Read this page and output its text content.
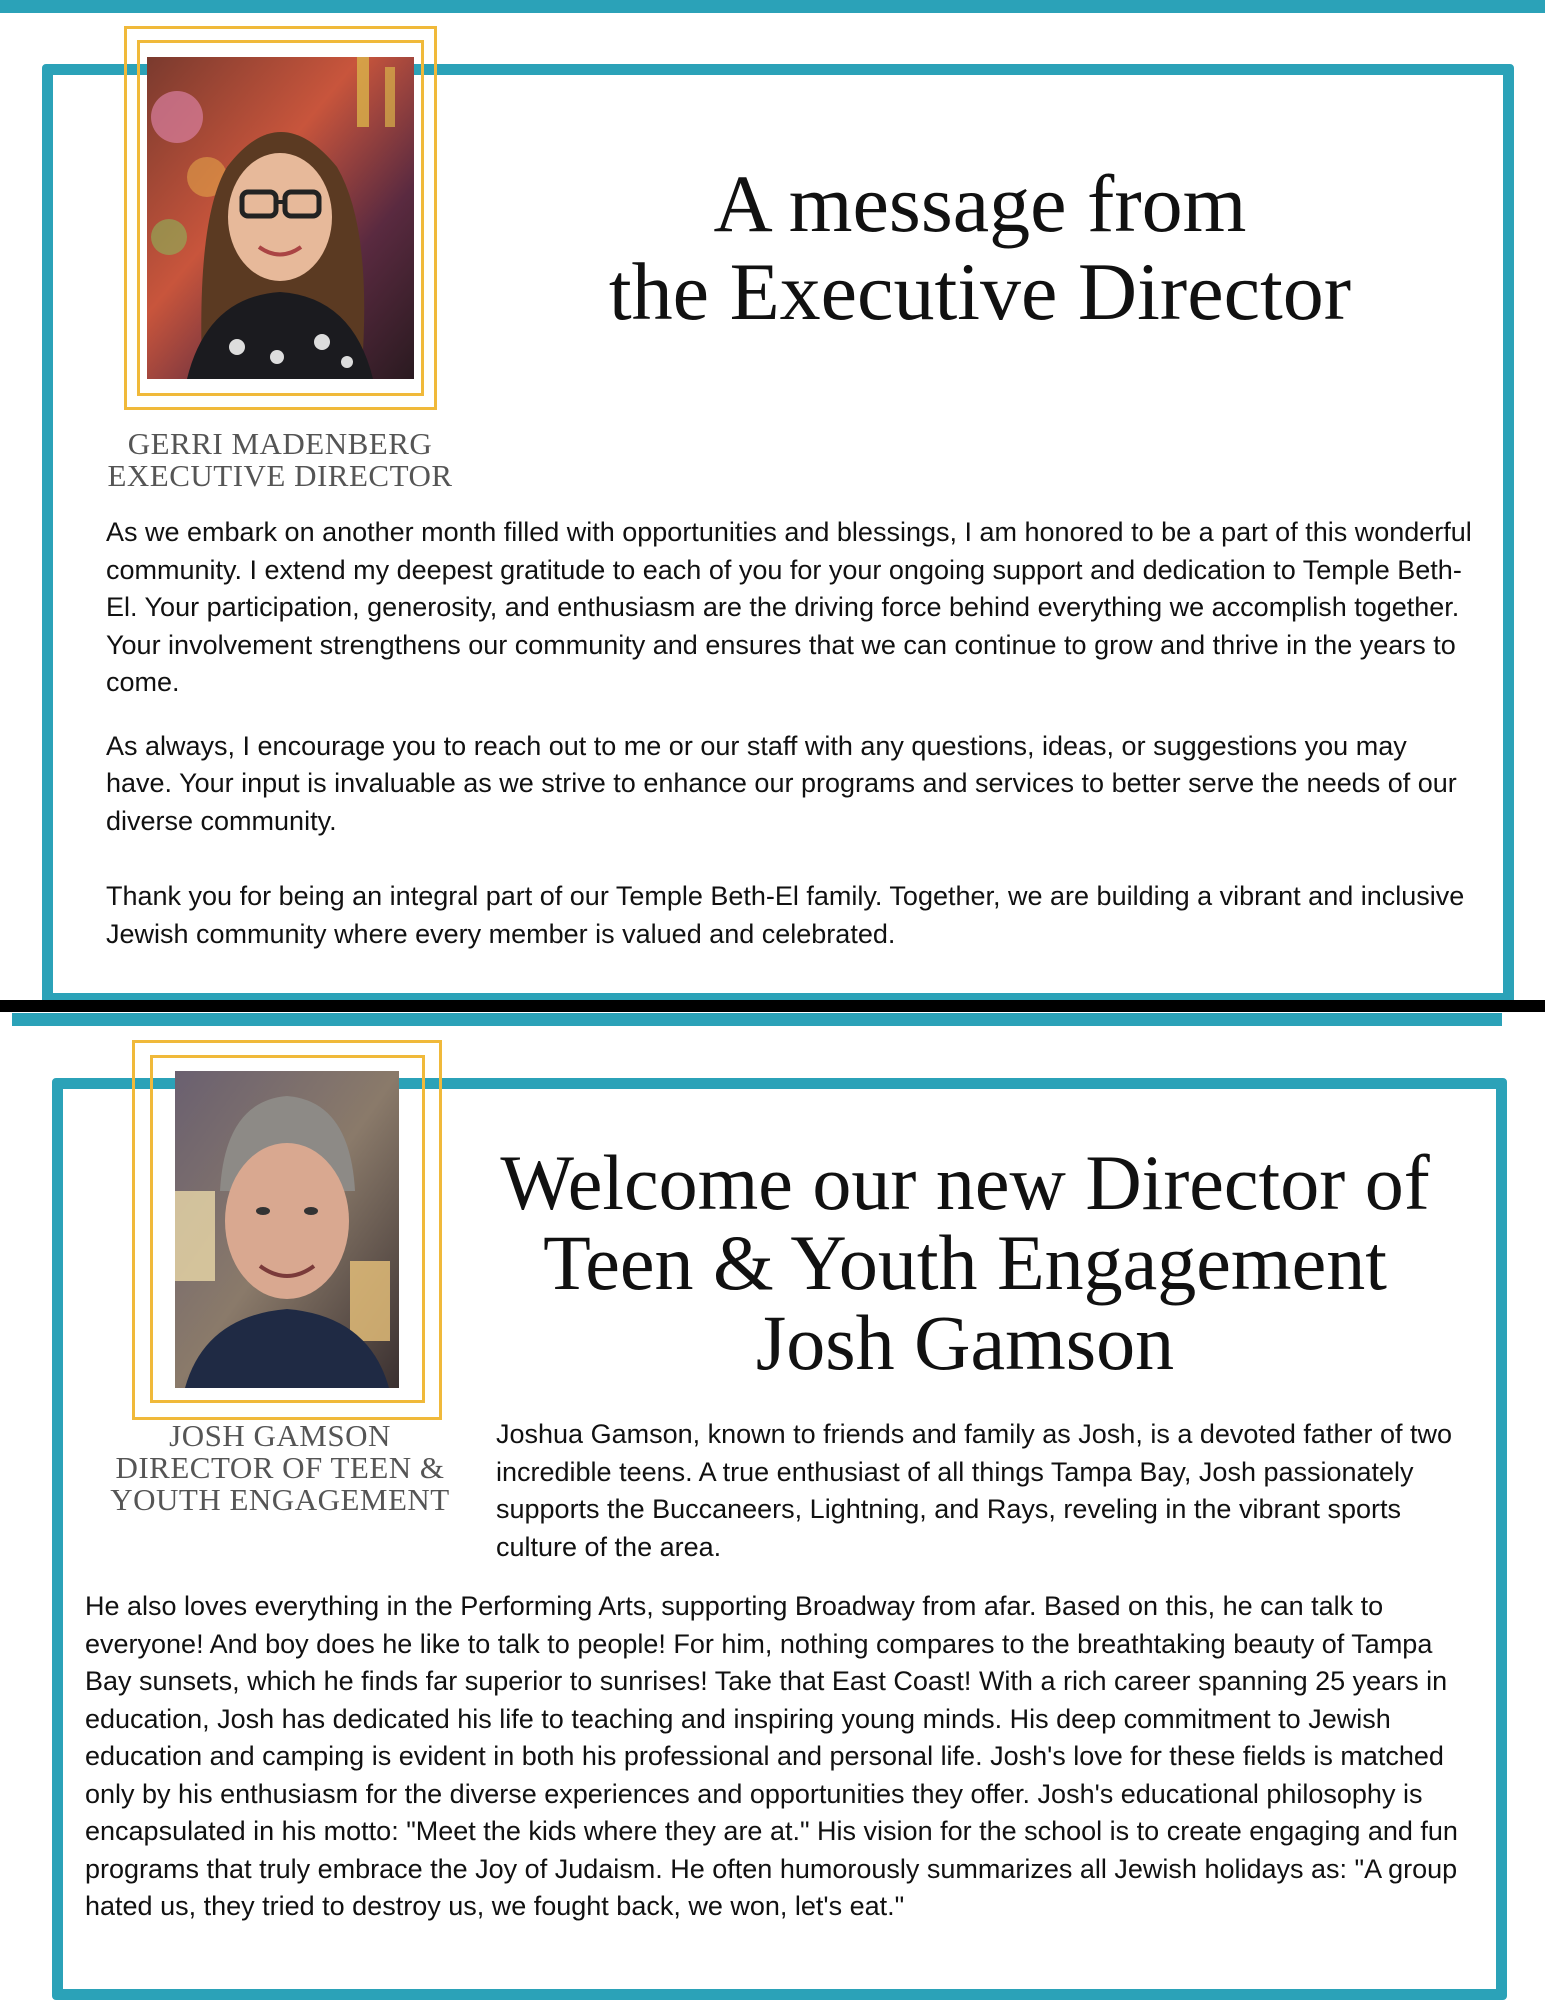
GERRI MADENBERG
EXECUTIVE DIRECTOR
A message from
the Executive Director

As we embark on another month filled with opportunities and blessings, I am honored to be a part of this wonderful community. I extend my deepest gratitude to each of you for your ongoing support and dedication to Temple Beth-El. Your participation, generosity, and enthusiasm are the driving force behind everything we accomplish together. Your involvement strengthens our community and ensures that we can continue to grow and thrive in the years to come.

As always, I encourage you to reach out to me or our staff with any questions, ideas, or suggestions you may have. Your input is invaluable as we strive to enhance our programs and services to better serve the needs of our diverse community.

Thank you for being an integral part of our Temple Beth-El family. Together, we are building a vibrant and inclusive Jewish community where every member is valued and celebrated.

JOSH GAMSON
DIRECTOR OF TEEN &
YOUTH ENGAGEMENT
Welcome our new Director of
Teen & Youth Engagement
Josh Gamson

Joshua Gamson, known to friends and family as Josh, is a devoted father of two incredible teens. A true enthusiast of all things Tampa Bay, Josh passionately supports the Buccaneers, Lightning, and Rays, reveling in the vibrant sports culture of the area.

He also loves everything in the Performing Arts, supporting Broadway from afar. Based on this, he can talk to everyone! And boy does he like to talk to people! For him, nothing compares to the breathtaking beauty of Tampa Bay sunsets, which he finds far superior to sunrises! Take that East Coast! With a rich career spanning 25 years in education, Josh has dedicated his life to teaching and inspiring young minds. His deep commitment to Jewish education and camping is evident in both his professional and personal life. Josh's love for these fields is matched only by his enthusiasm for the diverse experiences and opportunities they offer. Josh's educational philosophy is encapsulated in his motto: "Meet the kids where they are at." His vision for the school is to create engaging and fun programs that truly embrace the Joy of Judaism. He often humorously summarizes all Jewish holidays as: "A group hated us, they tried to destroy us, we fought back, we won, let's eat."
